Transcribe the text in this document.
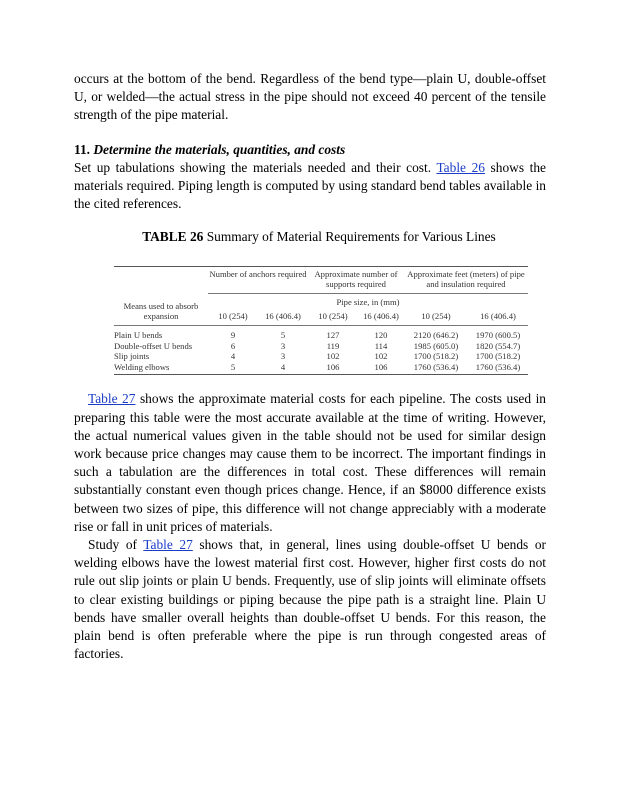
occurs at the bottom of the bend. Regardless of the bend type—plain U, double-offset U, or welded—the actual stress in the pipe should not exceed 40 percent of the tensile strength of the pipe material.

11. Determine the materials, quantities, and costs

Set up tabulations showing the materials needed and their cost. Table 26 shows the materials required. Piping length is computed by using standard bend tables available in the cited references.

TABLE 26 Summary of Material Requirements for Various Lines

	Number of anchors required		Approximate number of supports required		Approximate feet (meters) of pipe and insulation required	
Means used to absorb expansion	Pipe size, in (mm)					
	10 (254)	16 (406.4)	10 (254)	16 (406.4)	10 (254)	16 (406.4)
Plain U bends	9	5	127	120	2120 (646.2)	1970 (600.5)
Double-offset U bends	6	3	119	114	1985 (605.0)	1820 (554.7)
Slip joints	4	3	102	102	1700 (518.2)	1700 (518.2)
Welding elbows	5	4	106	106	1760 (536.4)	1760 (536.4)

Table 27 shows the approximate material costs for each pipeline. The costs used in preparing this table were the most accurate available at the time of writing. However, the actual numerical values given in the table should not be used for similar design work because price changes may cause them to be incorrect. The important findings in such a tabulation are the differences in total cost. These differences will remain substantially constant even though prices change. Hence, if an $8000 difference exists between two sizes of pipe, this difference will not change appreciably with a moderate rise or fall in unit prices of materials.

Study of Table 27 shows that, in general, lines using double-offset U bends or welding elbows have the lowest material first cost. However, higher first costs do not rule out slip joints or plain U bends. Frequently, use of slip joints will eliminate offsets to clear existing buildings or piping because the pipe path is a straight line. Plain U bends have smaller overall heights than double-offset U bends. For this reason, the plain bend is often preferable where the pipe is run through congested areas of factories.
